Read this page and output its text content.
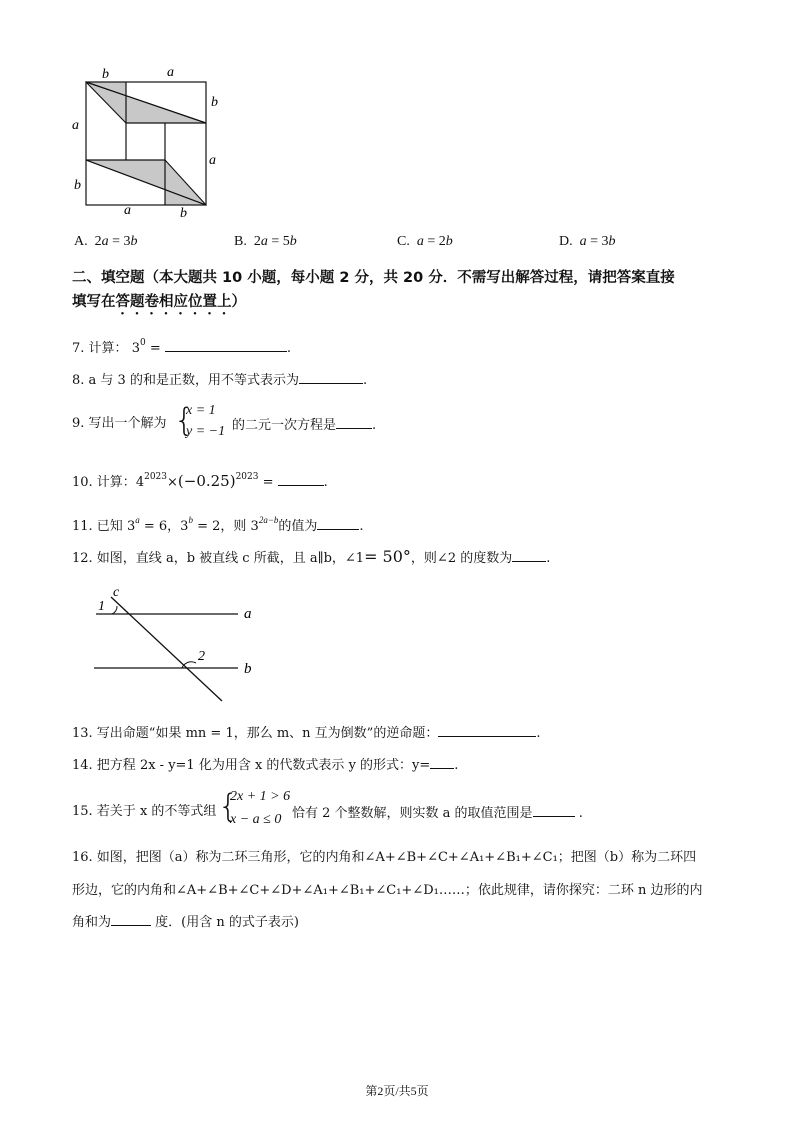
b	a
b
a
a
b
a	b
A. 2a = 3b	B. 2a = 5b	C. a = 2b	D. a = 3b
二、填空题（本大题共 10 小题，每小题 2 分，共 20 分．不需写出解答过程，请把答案直接
填写在答题卷相应位置上）
7. 计算： $3^0$ =	.
8. a 与 3 的和是正数，用不等式表示为	.
9. 写出一个解为 {
x = 1
y = −1 的二元一次方程是	.
10. 计算：$4^{2023}\times(-0.25)^{2023}$ =	.
11. 已知 $3^a = 6$，$3^b = 2$，则 $3^{2a-b}$的值为	.
12. 如图，直线 a，b 被直线 c 所截，且 a∥b，∠1= 50°，则∠2 的度数为	.
1
c
a
2
b
13. 写出命题“如果 mn = 1，那么 m、n 互为倒数”的逆命题：	.
14. 把方程 2x - y=1 化为用含 x 的代数式表示 y 的形式：y= .
15. 若关于 x 的不等式组 {
2x + 1 > 6
x − a ≤ 0 恰有 2 个整数解，则实数 a 的取值范围是	.
16. 如图，把图（a）称为二环三角形，它的内角和∠A+∠B+∠C+∠A₁+∠B₁+∠C₁；把图（b）称为二环四
形边，它的内角和∠A+∠B+∠C+∠D+∠A₁+∠B₁+∠C₁+∠D₁……；依此规律，请你探究：二环 n 边形的内
角和为	度．(用含 n 的式子表示)
第2页/共5页
